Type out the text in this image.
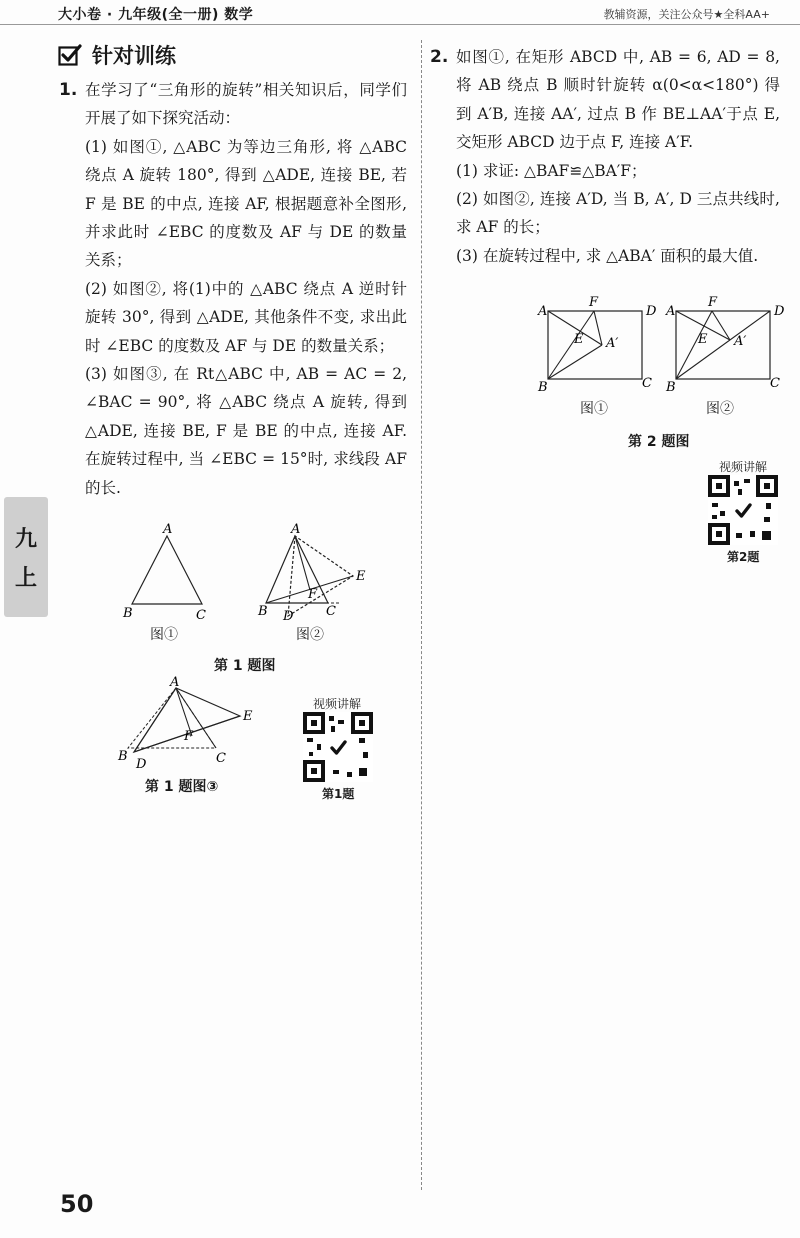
大小卷 · 九年级(全一册) 数学	教辅资源，关注公众号★全科AA+
针对训练
1. 在学习了“三角形的旋转”相关知识后，同学们开展了如下探究活动：

(1) 如图①, △ABC 为等边三角形, 将 △ABC 绕点 A 旋转 180°, 得到 △ADE, 连接 BE, 若 F 是 BE 的中点, 连接 AF, 根据题意补全图形, 并求此时 ∠EBC 的度数及 AF 与 DE 的数量关系；

(2) 如图②, 将(1)中的 △ABC 绕点 A 逆时针旋转 30°, 得到 △ADE, 其他条件不变, 求出此时 ∠EBC 的度数及 AF 与 DE 的数量关系；

(3) 如图③, 在 Rt△ABC 中, AB = AC = 2, ∠BAC = 90°, 将 △ABC 绕点 A 旋转, 得到 △ADE, 连接 BE, F 是 BE 的中点, 连接 AF. 在旋转过程中, 当 ∠EBC = 15°时, 求线段 AF 的长.

A
B	C
图①
A
B D	C
E
F
图②
第 1 题图
A
B
D	C
E
F
第 1 题图③
视频讲解
第1题
2. 如图①, 在矩形 ABCD 中, AB = 6, AD = 8, 将 AB 绕点 B 顺时针旋转 α(0<α<180°) 得到 A′B, 连接 AA′, 过点 B 作 BE⊥AA′于点 E, 交矩形 ABCD 边于点 F, 连接 A′F.

(1) 求证: △BAF≌△BA′F；

(2) 如图②, 连接 A′D, 当 B, A′, D 三点共线时, 求 AF 的长；

(3) 在旋转过程中, 求 △ABA′ 面积的最大值.

A
F
D
E A′
B	C
图①
A
F
D
E A′
B	C
图②
第 2 题图
视频讲解
第2题
九
上
50
